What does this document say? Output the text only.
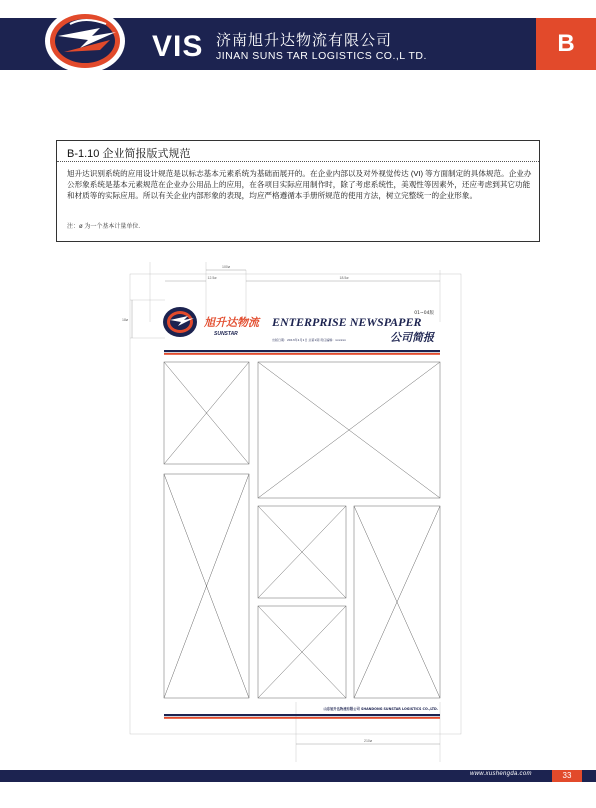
VIS 济南旭升达物流有限公司
JINAN SUNS TAR LOGISTICS CO.,L TD.	B
B-1.10 企业简报版式规范
旭升达识别系统的应用设计规范是以标志基本元素系统为基础而展开的。在企业内部以及对外视觉传达 (VI) 等方面制定的具体规范。企业办公形象系统是基本元素规范在企业办公用品上的应用，在各项目实际应用制作时，除了考虑系统性，美观性等因素外，还应考虑到其它功能和材质等的实际应用。所以有关企业内部形象的表现，均应严格遵循本手册所规范的使用方法，树立完整统一的企业形象。
注：ø 为一个基本计量单位.
100ø
12.5ø	18.5ø
18ø
210ø
旭升达物流
SUNSTAR
01~04版
ENTERPRISE NEWSPAPER
公司简报
出版日期：2013年1月1日 总第1期 责任编辑：xxxxxx
山东旭升达物流有限公司 SHANDONG SUNSTAR LOGISTICS CO.,LTD.
www.xushengda.com	33
